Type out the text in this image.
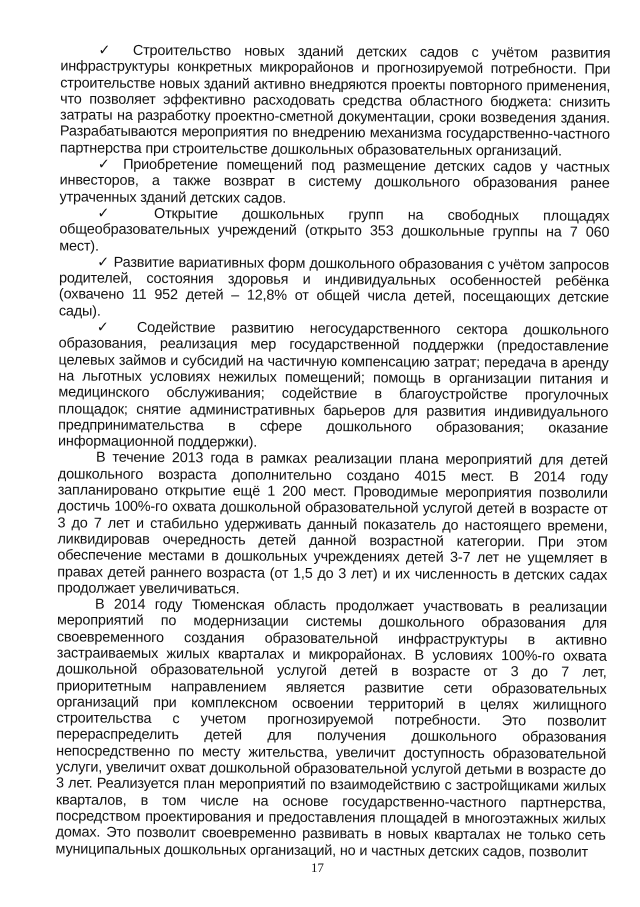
✓ Строительство новых зданий детских садов с учётом развития инфраструктуры конкретных микрорайонов и прогнозируемой потребности. При строительстве новых зданий активно внедряются проекты повторного применения, что позволяет эффективно расходовать средства областного бюджета: снизить затраты на разработку проектно-сметной документации, сроки возведения здания. Разрабатываются мероприятия по внедрению механизма государственно-частного партнерства при строительстве дошкольных образовательных организаций.

✓ Приобретение помещений под размещение детских садов у частных инвесторов, а также возврат в систему дошкольного образования ранее утраченных зданий детских садов.

✓ Открытие дошкольных групп на свободных площадях общеобразовательных учреждений (открыто 353 дошкольные группы на 7 060 мест).

✓ Развитие вариативных форм дошкольного образования с учётом запросов родителей, состояния здоровья и индивидуальных особенностей ребёнка (охвачено 11 952 детей – 12,8% от общей числа детей, посещающих детские сады).

✓ Содействие развитию негосударственного сектора дошкольного образования, реализация мер государственной поддержки (предоставление целевых займов и субсидий на частичную компенсацию затрат; передача в аренду на льготных условиях нежилых помещений; помощь в организации питания и медицинского обслуживания; содействие в благоустройстве прогулочных площадок; снятие административных барьеров для развития индивидуального предпринимательства в сфере дошкольного образования; оказание информационной поддержки).

В течение 2013 года в рамках реализации плана мероприятий для детей дошкольного возраста дополнительно создано 4015 мест. В 2014 году запланировано открытие ещё 1 200 мест. Проводимые мероприятия позволили достичь 100%-го охвата дошкольной образовательной услугой детей в возрасте от 3 до 7 лет и стабильно удерживать данный показатель до настоящего времени, ликвидировав очередность детей данной возрастной категории. При этом обеспечение местами в дошкольных учреждениях детей 3-7 лет не ущемляет в правах детей раннего возраста (от 1,5 до 3 лет) и их численность в детских садах продолжает увеличиваться.

В 2014 году Тюменская область продолжает участвовать в реализации мероприятий по модернизации системы дошкольного образования для своевременного создания образовательной инфраструктуры в активно застраиваемых жилых кварталах и микрорайонах. В условиях 100%-го охвата дошкольной образовательной услугой детей в возрасте от 3 до 7 лет, приоритетным направлением является развитие сети образовательных организаций при комплексном освоении территорий в целях жилищного строительства с учетом прогнозируемой потребности. Это позволит перераспределить детей для получения дошкольного образования непосредственно по месту жительства, увеличит доступность образовательной услуги, увеличит охват дошкольной образовательной услугой детьми в возрасте до 3 лет. Реализуется план мероприятий по взаимодействию с застройщиками жилых кварталов, в том числе на основе государственно-частного партнерства, посредством проектирования и предоставления площадей в многоэтажных жилых домах. Это позволит своевременно развивать в новых кварталах не только сеть муниципальных дошкольных организаций, но и частных детских садов, позволит

17
